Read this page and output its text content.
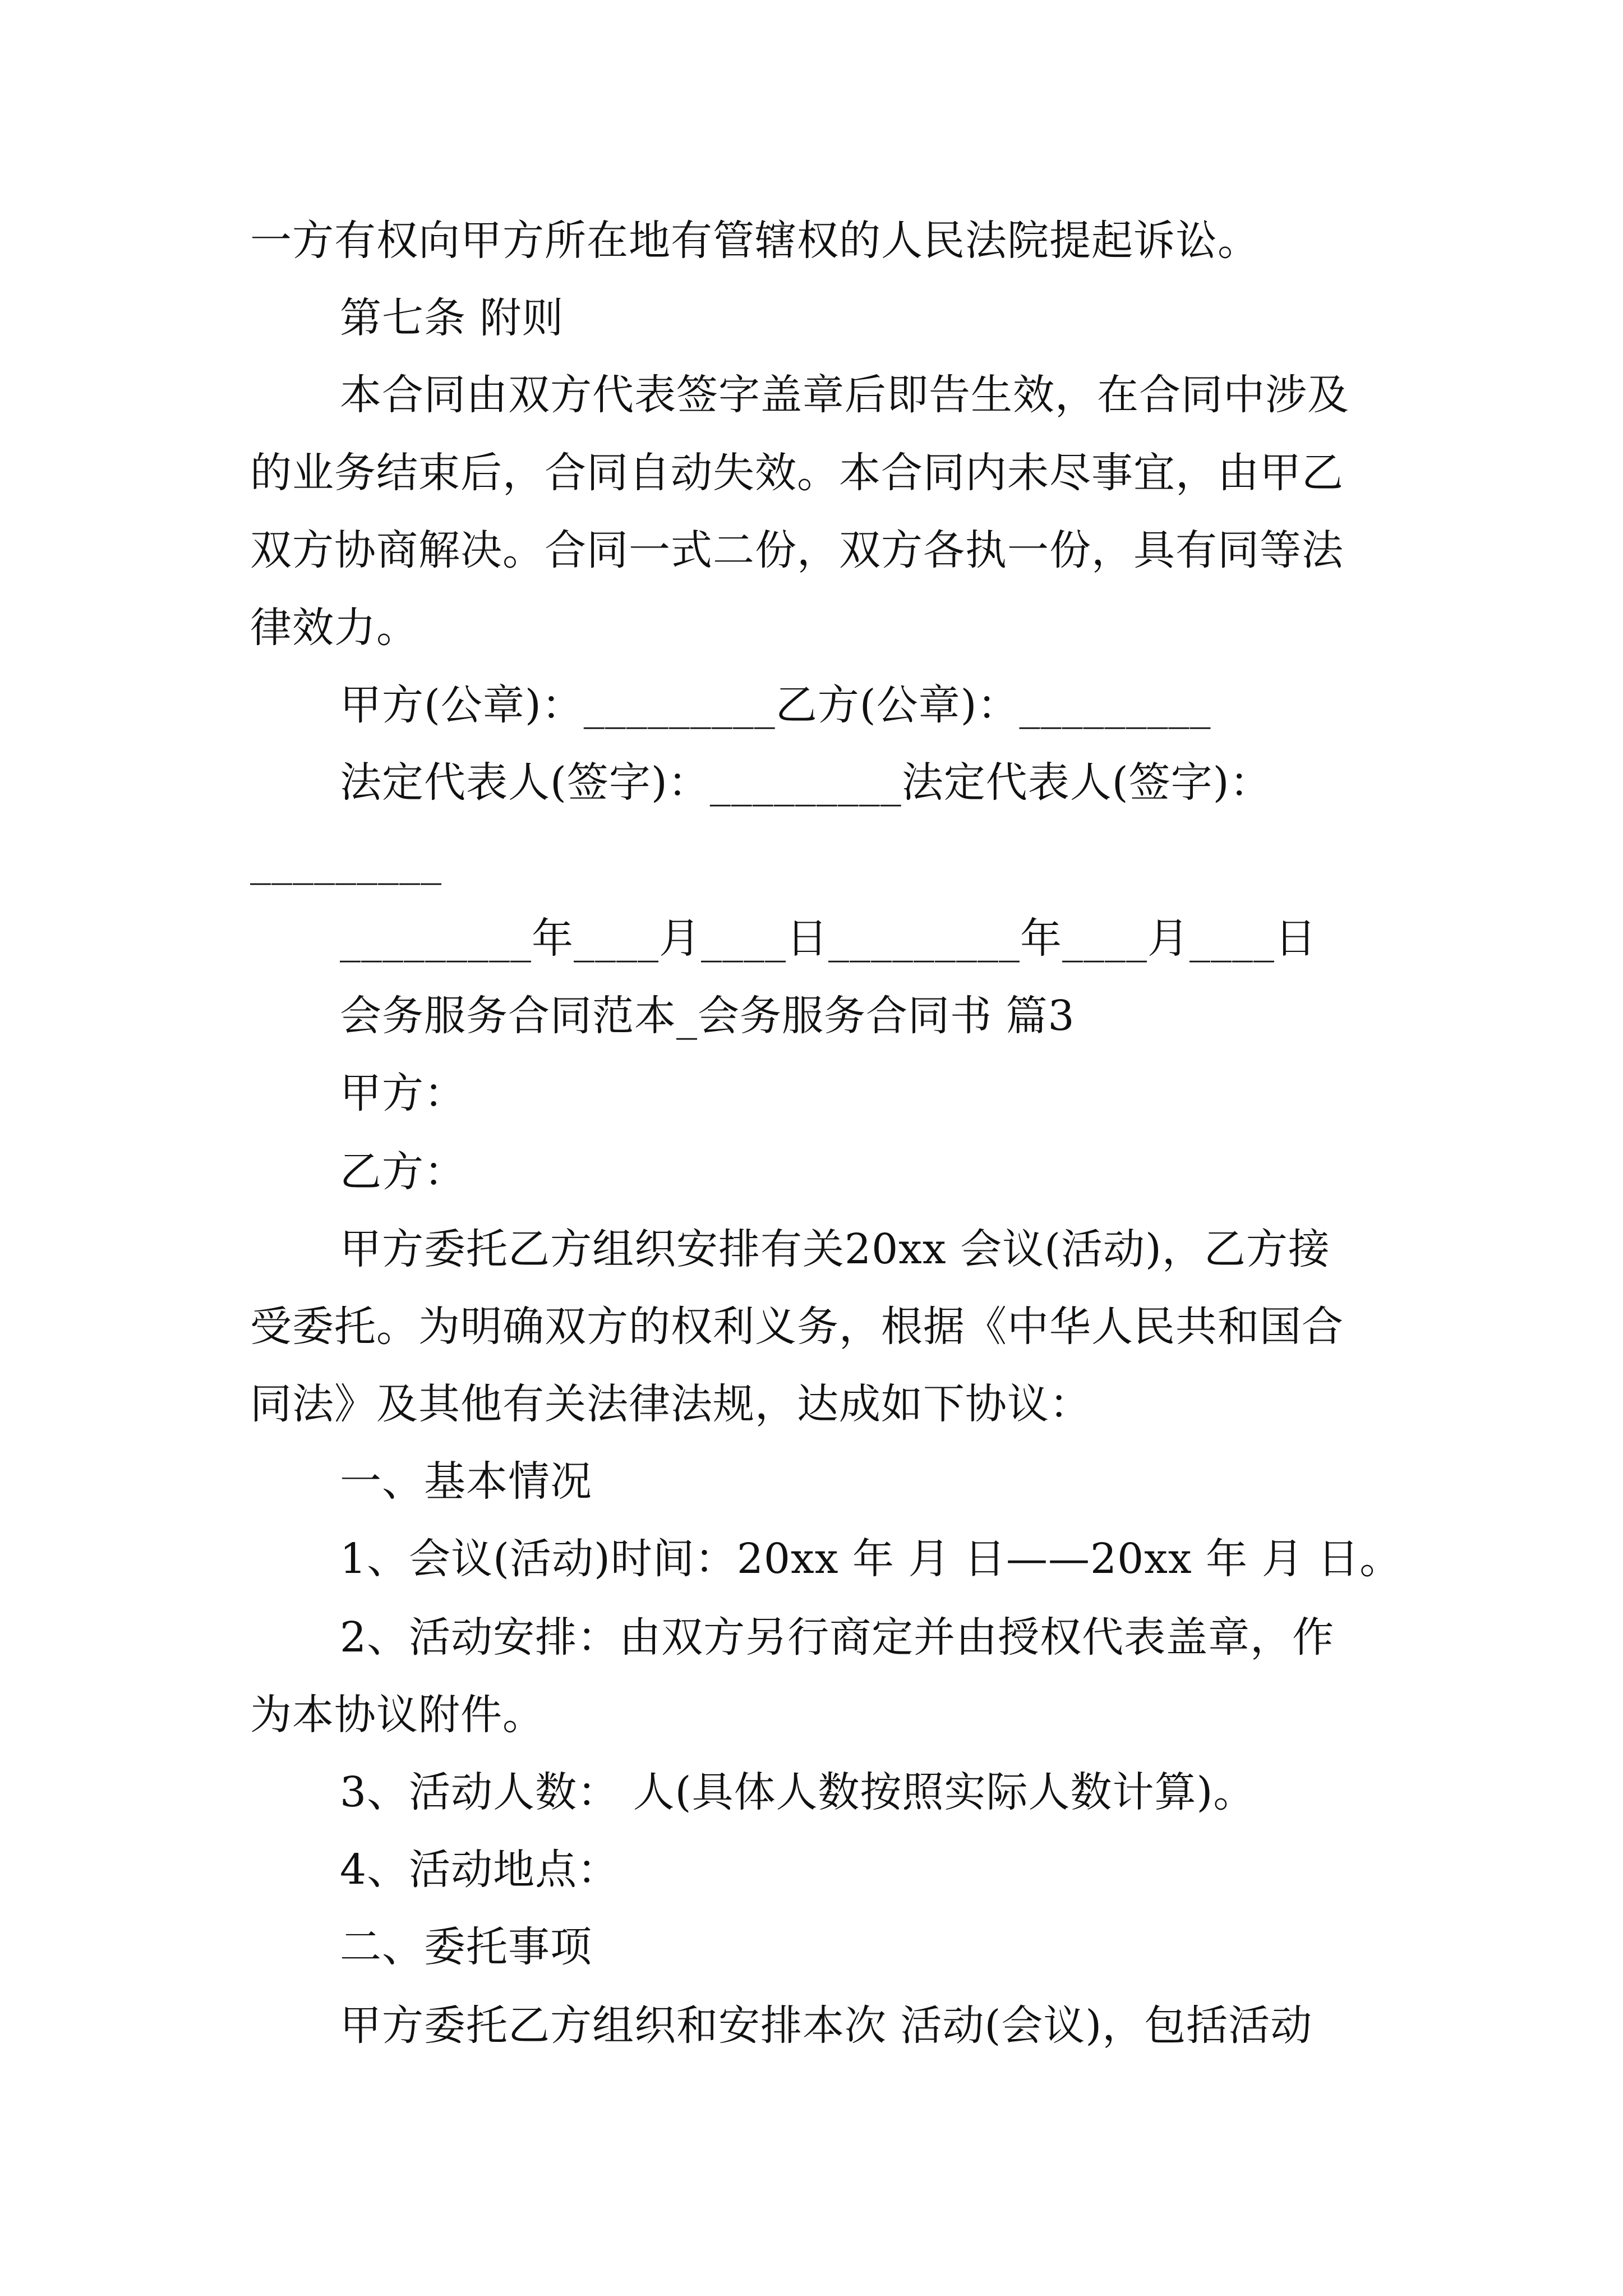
一方有权向甲方所在地有管辖权的人民法院提起诉讼。
第七条 附则
本合同由双方代表签字盖章后即告生效，在合同中涉及
的业务结束后，合同自动失效。本合同内未尽事宜，由甲乙
双方协商解决。合同一式二份，双方各执一份，具有同等法
律效力。
甲方(公章)：_________乙方(公章)：_________
法定代表人(签字)：_________法定代表人(签字)：
_________
_________年____月____日_________年____月____日
会务服务合同范本_会务服务合同书 篇3
甲方：
乙方：
甲方委托乙方组织安排有关20xx 会议(活动)，乙方接
受委托。为明确双方的权利义务，根据《中华人民共和国合
同法》及其他有关法律法规，达成如下协议：
一、基本情况
1、会议(活动)时间：20xx 年 月 日——20xx 年 月 日。
2、活动安排：由双方另行商定并由授权代表盖章，作
为本协议附件。
3、活动人数： 人(具体人数按照实际人数计算)。
4、活动地点：
二、委托事项
甲方委托乙方组织和安排本次 活动(会议)，包括活动
